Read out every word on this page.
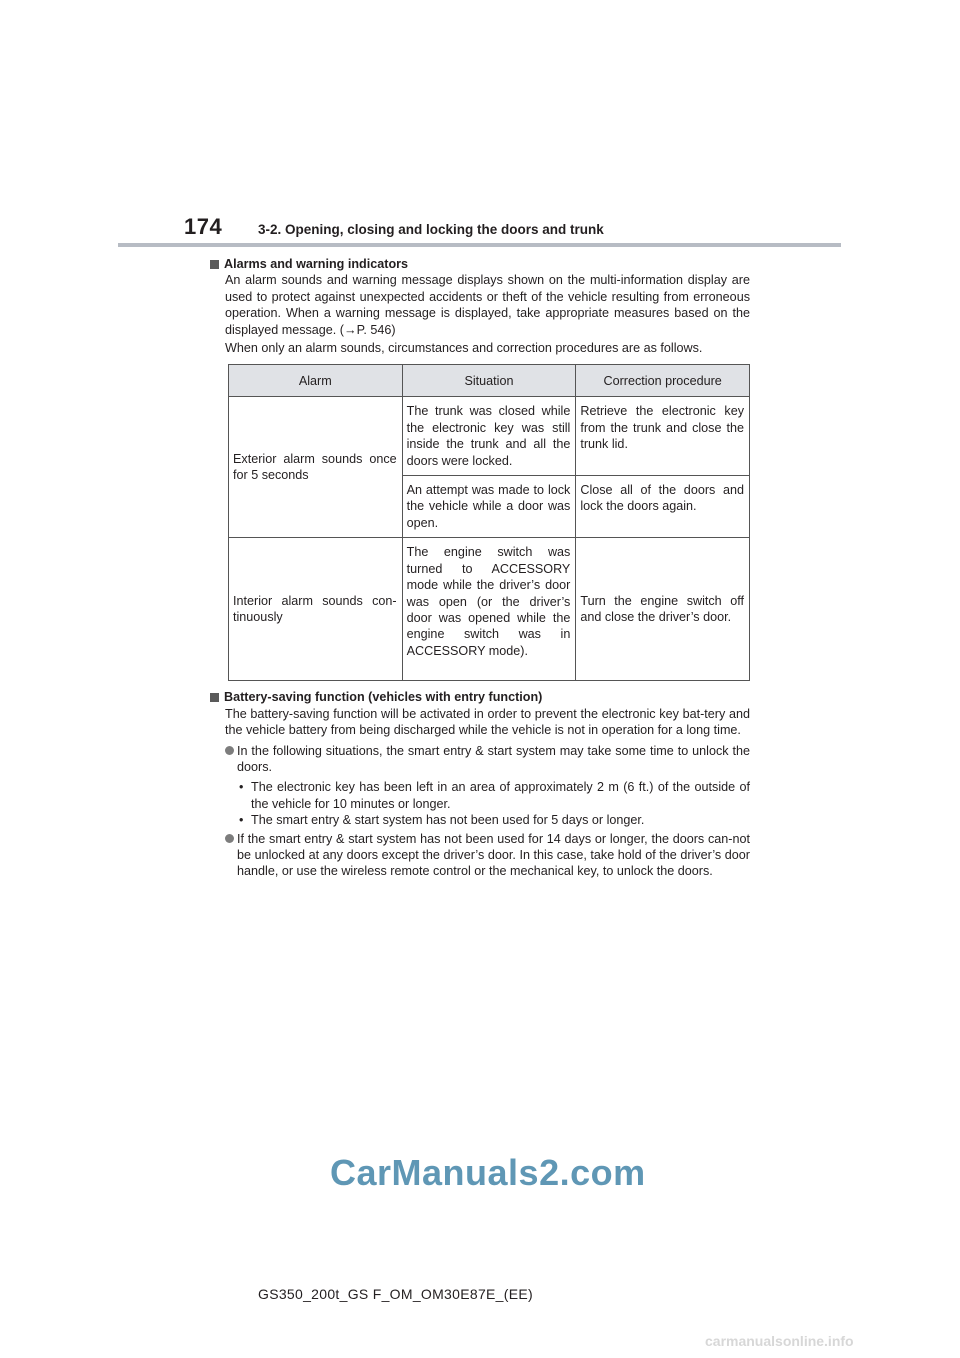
174	3-2. Opening, closing and locking the doors and trunk
Alarms and warning indicators
An alarm sounds and warning message displays shown on the multi-information display are used to protect against unexpected accidents or theft of the vehicle resulting from erroneous operation. When a warning message is displayed, take appropriate measures based on the displayed message. (→P. 546)
When only an alarm sounds, circumstances and correction procedures are as follows.
Alarm	Situation	Correction procedure
Exterior alarm sounds once for 5 seconds	The trunk was closed while the electronic key was still inside the trunk and all the doors were locked.	Retrieve the electronic key from the trunk and close the trunk lid.
	An attempt was made to lock the vehicle while a door was open.	Close all of the doors and lock the doors again.
Interior alarm sounds con-tinuously	The engine switch was turned to ACCESSORY mode while the driver’s door was open (or the driver’s door was opened while the engine switch was in ACCESSORY mode).	Turn the engine switch off and close the driver’s door.
Battery-saving function (vehicles with entry function)
The battery-saving function will be activated in order to prevent the electronic key bat-tery and the vehicle battery from being discharged while the vehicle is not in operation for a long time.
In the following situations, the smart entry & start system may take some time to unlock the doors.
• The electronic key has been left in an area of approximately 2 m (6 ft.) of the outside of the vehicle for 10 minutes or longer.
• The smart entry & start system has not been used for 5 days or longer.
If the smart entry & start system has not been used for 14 days or longer, the doors can-not be unlocked at any doors except the driver’s door. In this case, take hold of the driver’s door handle, or use the wireless remote control or the mechanical key, to unlock the doors.
CarManuals2.com
GS350_200t_GS F_OM_OM30E87E_(EE)
carmanualsonline.info
